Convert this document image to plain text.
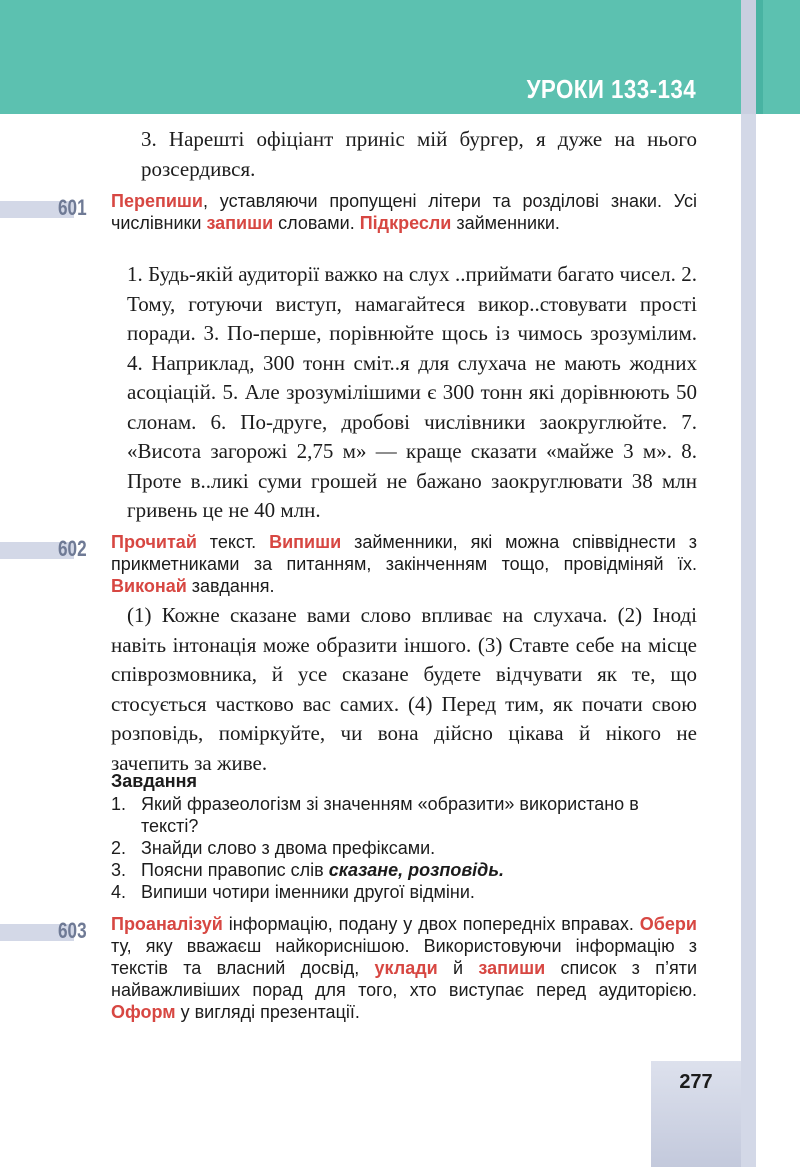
УРОКИ 133-134
3. Нарешті офіціант приніс мій бургер, я дуже на нього розсердився.
601 Перепиши, уставляючи пропущені літери та розділові знаки. Усі числівники запиши словами. Підкресли займенники.
1. Будь-якій аудиторії важко на слух ..приймати багато чисел. 2. Тому, готуючи виступ, намагайтеся викор..стовувати прості поради. 3. По-перше, порівнюйте щось із чимось зрозумілим. 4. Наприклад, 300 тонн сміт..я для слухача не мають жодних асоціацій. 5. Але зрозумілішими є 300 тонн які дорівнюють 50 слонам. 6. По-друге, дробові числівники заокруглюйте. 7. «Висота загорожі 2,75 м» — краще сказати «майже 3 м». 8. Проте в..ликі суми грошей не бажано заокруглювати 38 млн гривень це не 40 млн.
602 Прочитай текст. Випиши займенники, які можна співвіднести з прикметниками за питанням, закінченням тощо, провідміняй їх. Виконай завдання.
(1) Кожне сказане вами слово впливає на слухача. (2) Іноді навіть інтонація може образити іншого. (3) Ставте себе на місце співрозмовника, й усе сказане будете відчувати як те, що стосується частково вас самих. (4) Перед тим, як почати свою розповідь, поміркуйте, чи вона дійсно цікава й нікого не зачепить за живе.
Завдання
1. Який фразеологізм зі значенням «образити» використано в тексті?
2. Знайди слово з двома префіксами.
3. Поясни правопис слів сказане, розповідь.
4. Випиши чотири іменники другої відміни.
603 Проаналізуй інформацію, подану у двох попередніх вправах. Обери ту, яку вважаєш найкориснішою. Використовуючи інформацію з текстів та власний досвід, уклади й запиши список з п’яти найважливіших порад для того, хто виступає перед аудиторією. Оформ у вигляді презентації.
277
